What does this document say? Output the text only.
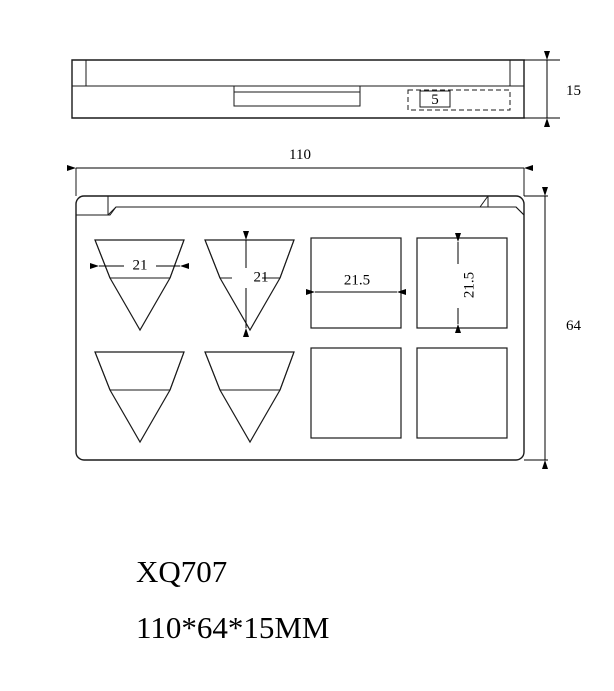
5
15
110
21
21	21.5	21.5
64
XQ707
110*64*15MM
